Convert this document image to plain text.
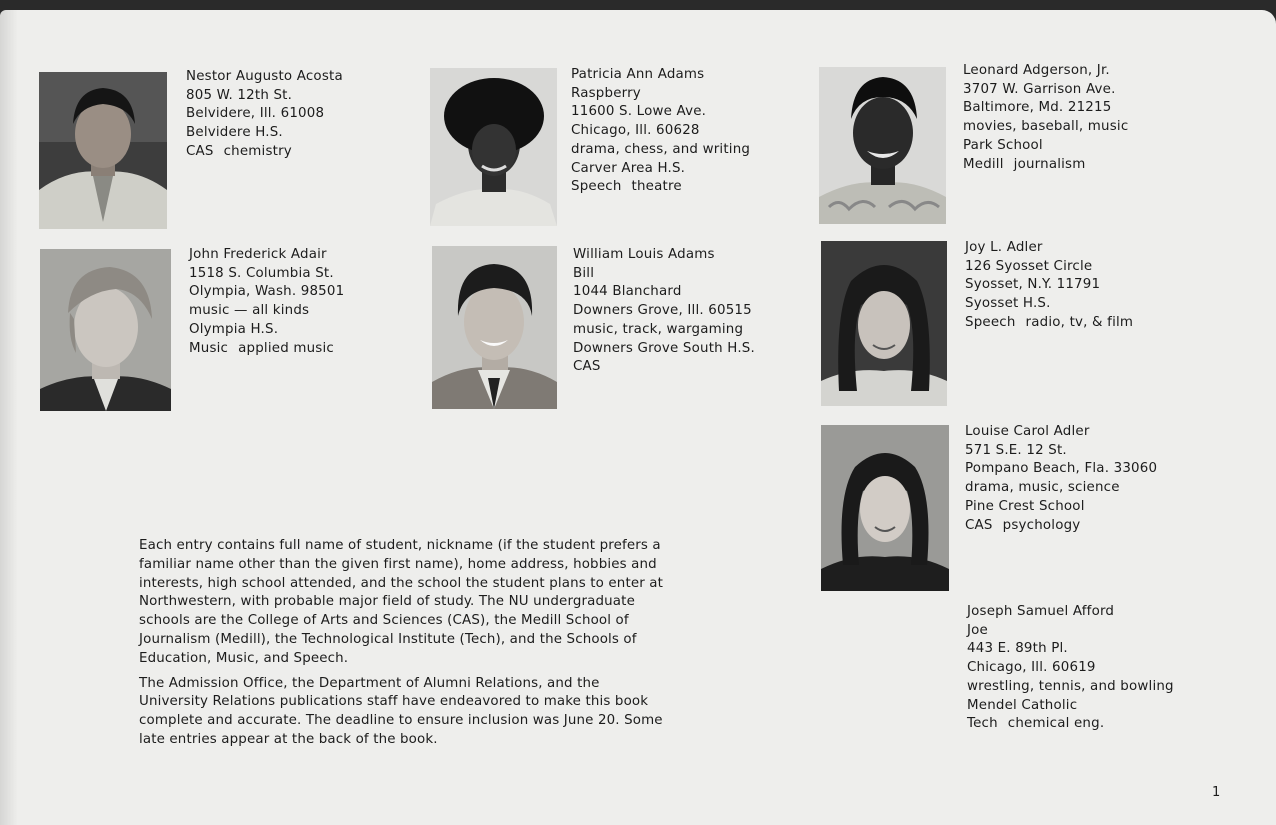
Nestor Augusto Acosta
805 W. 12th St.
Belvidere, Ill. 61008
Belvidere H.S.
CAS chemistry
Patricia Ann Adams
Raspberry
11600 S. Lowe Ave.
Chicago, Ill. 60628
drama, chess, and writing
Carver Area H.S.
Speech theatre
Leonard Adgerson, Jr.
3707 W. Garrison Ave.
Baltimore, Md. 21215
movies, baseball, music
Park School
Medill journalism
John Frederick Adair
1518 S. Columbia St.
Olympia, Wash. 98501
music — all kinds
Olympia H.S.
Music applied music
William Louis Adams
Bill
1044 Blanchard
Downers Grove, Ill. 60515
music, track, wargaming
Downers Grove South H.S.
CAS
Joy L. Adler
126 Syosset Circle
Syosset, N.Y. 11791
Syosset H.S.
Speech radio, tv, & film
Louise Carol Adler
571 S.E. 12 St.
Pompano Beach, Fla. 33060
drama, music, science
Pine Crest School
CAS psychology
Joseph Samuel Afford
Joe
443 E. 89th Pl.
Chicago, Ill. 60619
wrestling, tennis, and bowling
Mendel Catholic
Tech chemical eng.

Each entry contains full name of student, nickname (if the student prefers a familiar name other than the given first name), home address, hobbies and interests, high school attended, and the school the student plans to enter at Northwestern, with probable major field of study. The NU undergraduate schools are the College of Arts and Sciences (CAS), the Medill School of Journalism (Medill), the Technological Institute (Tech), and the Schools of Education, Music, and Speech.

The Admission Office, the Department of Alumni Relations, and the University Relations publications staff have endeavored to make this book complete and accurate. The deadline to ensure inclusion was June 20. Some late entries appear at the back of the book.

1
